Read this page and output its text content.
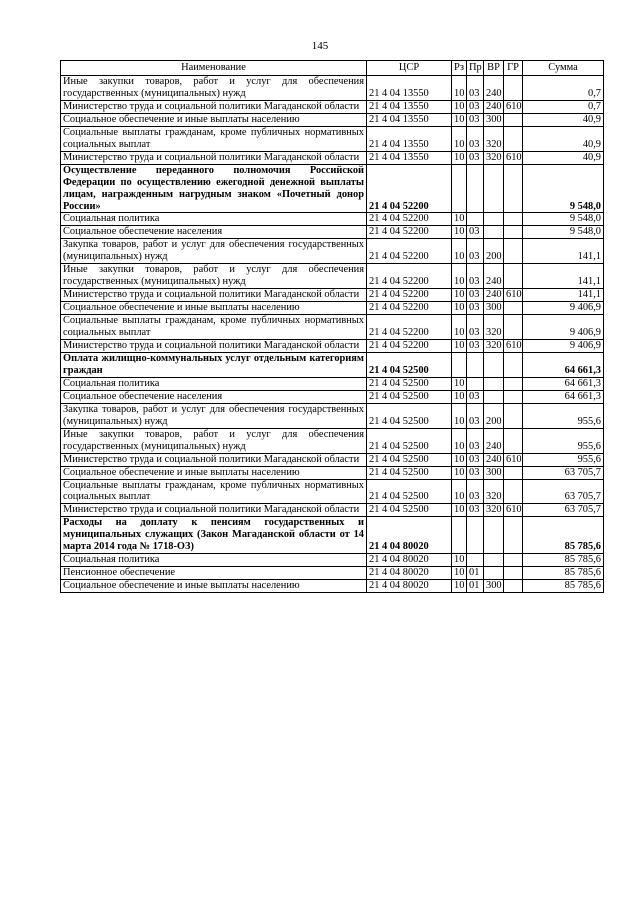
145
Наименование	ЦСР	Рз	Пр	ВР	ГР	Сумма
Иные закупки товаров, работ и услуг для обеспечения государственных (муниципальных) нужд	21 4 04 13550	10	03	240		0,7
Министерство труда и социальной политики Магаданской области	21 4 04 13550	10	03	240	610	0,7
Социальное обеспечение и иные выплаты населению	21 4 04 13550	10	03	300		40,9
Социальные выплаты гражданам, кроме публичных нормативных социальных выплат	21 4 04 13550	10	03	320		40,9
Министерство труда и социальной политики Магаданской области	21 4 04 13550	10	03	320	610	40,9
Осуществление переданного полномочия Российской Федерации по осуществлению ежегодной денежной выплаты лицам, награжденным нагрудным знаком «Почетный донор России»	21 4 04 52200					9 548,0
Социальная политика	21 4 04 52200	10				9 548,0
Социальное обеспечение населения	21 4 04 52200	10	03			9 548,0
Закупка товаров, работ и услуг для обеспечения государственных (муниципальных) нужд	21 4 04 52200	10	03	200		141,1
Иные закупки товаров, работ и услуг для обеспечения государственных (муниципальных) нужд	21 4 04 52200	10	03	240		141,1
Министерство труда и социальной политики Магаданской области	21 4 04 52200	10	03	240	610	141,1
Социальное обеспечение и иные выплаты населению	21 4 04 52200	10	03	300		9 406,9
Социальные выплаты гражданам, кроме публичных нормативных социальных выплат	21 4 04 52200	10	03	320		9 406,9
Министерство труда и социальной политики Магаданской области	21 4 04 52200	10	03	320	610	9 406,9
Оплата жилищно-коммунальных услуг отдельным категориям граждан	21 4 04 52500					64 661,3
Социальная политика	21 4 04 52500	10				64 661,3
Социальное обеспечение населения	21 4 04 52500	10	03			64 661,3
Закупка товаров, работ и услуг для обеспечения государственных (муниципальных) нужд	21 4 04 52500	10	03	200		955,6
Иные закупки товаров, работ и услуг для обеспечения государственных (муниципальных) нужд	21 4 04 52500	10	03	240		955,6
Министерство труда и социальной политики Магаданской области	21 4 04 52500	10	03	240	610	955,6
Социальное обеспечение и иные выплаты населению	21 4 04 52500	10	03	300		63 705,7
Социальные выплаты гражданам, кроме публичных нормативных социальных выплат	21 4 04 52500	10	03	320		63 705,7
Министерство труда и социальной политики Магаданской области	21 4 04 52500	10	03	320	610	63 705,7
Расходы на доплату к пенсиям государственных и муниципальных служащих (Закон Магаданской области от 14 марта 2014 года № 1718-ОЗ)	21 4 04 80020					85 785,6
Социальная политика	21 4 04 80020	10				85 785,6
Пенсионное обеспечение	21 4 04 80020	10	01			85 785,6
Социальное обеспечение и иные выплаты населению	21 4 04 80020	10	01	300		85 785,6
